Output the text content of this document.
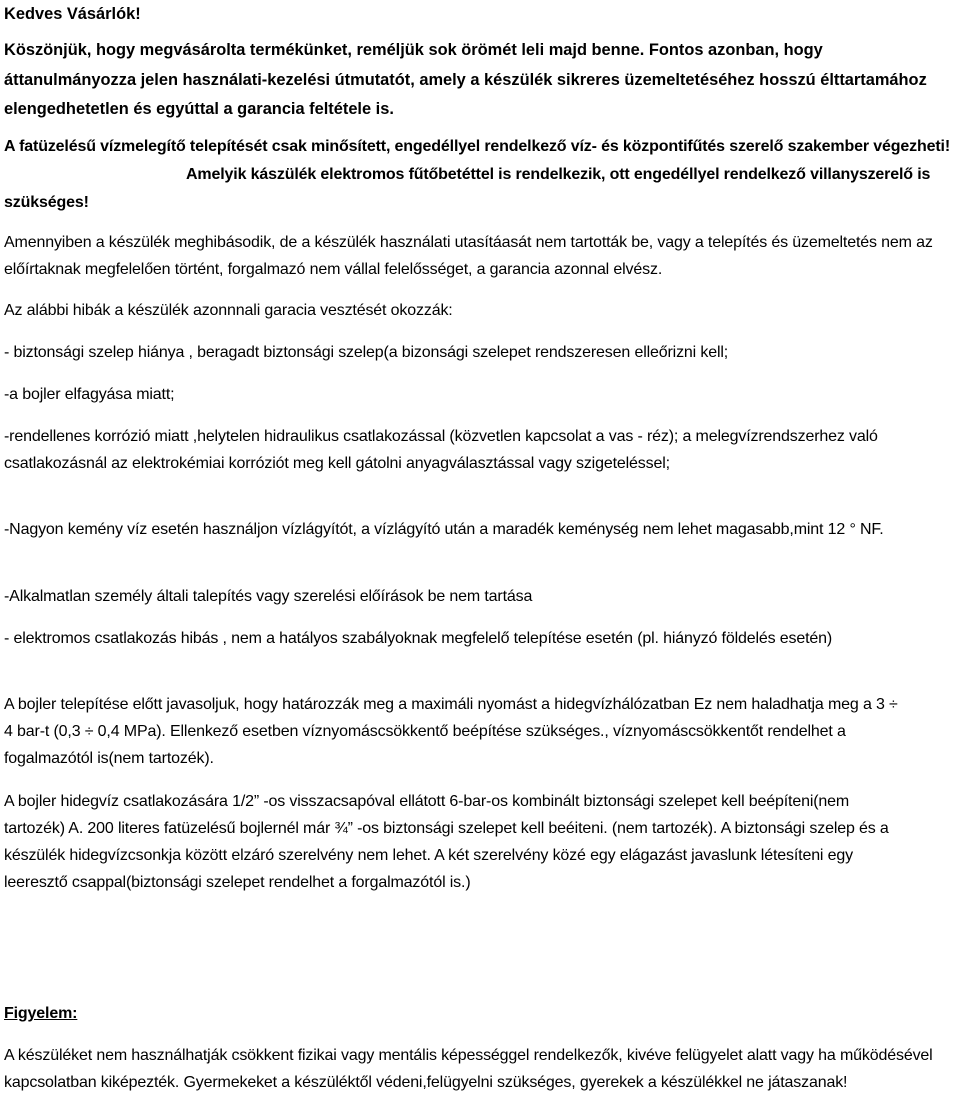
Kedves Vásárlók!

Köszönjük, hogy megvásárolta termékünket, reméljük sok örömét leli majd benne. Fontos azonban, hogy áttanulmányozza jelen használati-kezelési útmutatót, amely a készülék sikreres üzemeltetéséhez hosszú élttartamához elengedhetetlen és egyúttal a garancia feltétele is.

A fatüzelésű vízmelegítő telepítését csak minősített, engedéllyel rendelkező víz- és központifűtés szerelő szakember végezheti!

Amelyik kászülék elektromos fűtőbetéttel is rendelkezik, ott engedéllyel rendelkező villanyszerelő is szükséges!

Amennyiben a készülék meghibásodik, de a készülék használati utasítáasát nem tartották be, vagy a telepítés és üzemeltetés nem az előírtaknak megfelelően történt, forgalmazó nem vállal felelősséget, a garancia azonnal elvész.

Az alábbi hibák a készülék azonnnali garacia vesztését okozzák:

- biztonsági szelep hiánya , beragadt biztonsági szelep(a bizonsági szelepet rendszeresen elleőrizni kell;

-a bojler elfagyása miatt;

-rendellenes korrózió miatt ,helytelen hidraulikus csatlakozással (közvetlen kapcsolat a vas - réz); a melegvízrendszerhez való csatlakozásnál az elektrokémiai korróziót meg kell gátolni anyagválasztással vagy szigeteléssel;

-Nagyon kemény víz esetén használjon vízlágyítót, a vízlágyító után a maradék keménység nem lehet magasabb,mint 12 ° NF.

-Alkalmatlan személy általi talepítés vagy szerelési előírások be nem tartása

- elektromos csatlakozás hibás , nem a hatályos szabályoknak megfelelő telepítése esetén (pl. hiányzó földelés esetén)

A bojler telepítése előtt javasoljuk, hogy határozzák meg a maximáli nyomást a hidegvízhálózatban Ez nem haladhatja meg a 3 ÷ 4 bar-t (0,3 ÷ 0,4 MPa). Ellenkező esetben víznyomáscsökkentő beépítése szükséges., víznyomáscsökkentőt rendelhet a fogalmazótól is(nem tartozék).

A bojler hidegvíz csatlakozására 1/2” -os visszacsapóval ellátott 6-bar-os kombinált biztonsági szelepet kell beépíteni(nem tartozék) A. 200 literes fatüzelésű bojlernél már ¾” -os biztonsági szelepet kell beéiteni. (nem tartozék). A biztonsági szelep és a készülék hidegvízcsonkja között elzáró szerelvény nem lehet. A két szerelvény közé egy elágazást javaslunk létesíteni egy leeresztő csappal(biztonsági szelepet rendelhet a forgalmazótól is.)

Figyelem:

A készüléket nem használhatják csökkent fizikai vagy mentális képességgel rendelkezők, kivéve felügyelet alatt vagy ha működésével kapcsolatban kiképezték. Gyermekeket a készüléktől védeni,felügyelni szükséges, gyerekek a készülékkel ne játaszanak!
